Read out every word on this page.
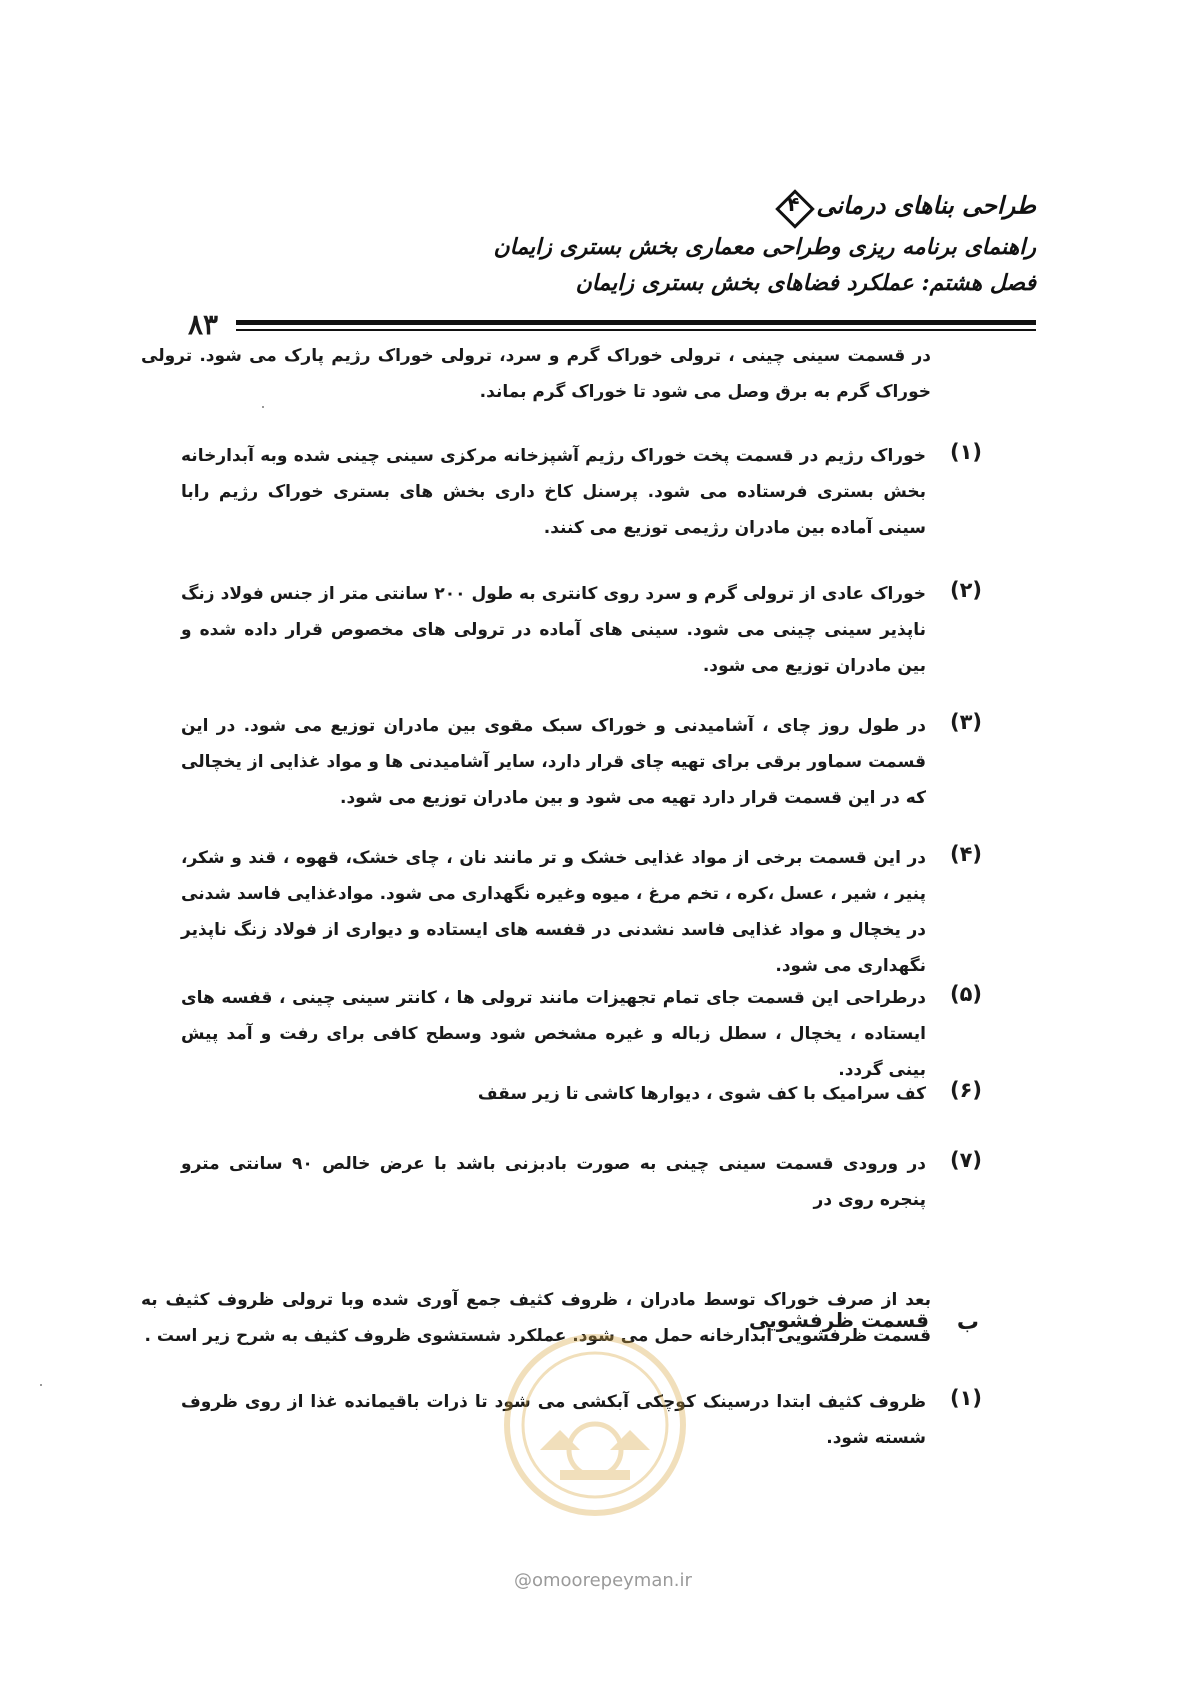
طراحی بناهای درمانی
۴
راهنمای برنامه ریزی وطراحی معماری بخش بستری زایمان
فصل هشتم: عملکرد فضاهای بخش بستری زایمان
۸۳
در قسمت سینی چینی ، ترولی خوراک گرم و سرد، ترولی خوراک رژیم پارک می شود. ترولی خوراک گرم به برق وصل می شود تا خوراک گرم بماند.
(۱)
خوراک رژیم در قسمت پخت خوراک رژیم آشپزخانه مرکزی سینی چینی شده وبه آبدارخانه بخش بستری فرستاده می شود. پرسنل کاخ داری بخش های بستری خوراک رژیم رابا سینی آماده بین مادران رژیمی توزیع می کنند.
(۲)
خوراک عادی از ترولی گرم و سرد روی کانتری به طول ۲۰۰ سانتی متر از جنس فولاد زنگ ناپذیر سینی چینی می شود. سینی های آماده در ترولی های مخصوص قرار داده شده و بین مادران توزیع می شود.
(۳)
در طول روز چای ، آشامیدنی و خوراک سبک مقوی بین مادران توزیع می شود. در این قسمت سماور برقی برای تهیه چای قرار دارد، سایر آشامیدنی ها و مواد غذایی از یخچالی که در این قسمت قرار دارد تهیه می شود و بین مادران توزیع می شود.
(۴)
در این قسمت برخی از مواد غذایی خشک و تر مانند نان ، چای خشک، قهوه ، قند و شکر، پنیر ، شیر ، عسل ،کره ، تخم مرغ ، میوه وغیره نگهداری می شود. موادغذایی فاسد شدنی در یخچال و مواد غذایی فاسد نشدنی در قفسه های ایستاده و دیواری از فولاد زنگ ناپذیر نگهداری می شود.
(۵)
درطراحی این قسمت جای تمام تجهیزات مانند ترولی ها ، کانتر سینی چینی ، قفسه های ایستاده ، یخچال ، سطل زباله و غیره مشخص شود وسطح کافی برای رفت و آمد پیش بینی گردد.
(۶)
کف سرامیک با کف شوی ، دیوارها کاشی تا زیر سقف
(۷)
در ورودی قسمت سینی چینی به صورت بادبزنی باشد با عرض خالص ۹۰ سانتی مترو پنجره روی در
ب
قسمت ظرفشویی
بعد از صرف خوراک توسط مادران ، ظروف کثیف جمع آوری شده وبا ترولی ظروف کثیف به قسمت ظرفشویی آبدارخانه حمل می شود. عملکرد شستشوی ظروف کثیف به شرح زیر است .
(۱)
ظروف کثیف ابتدا درسینک کوچکی آبکشی می شود تا ذرات باقیمانده غذا از روی ظروف شسته شود.
@omoorepeyman.ir
